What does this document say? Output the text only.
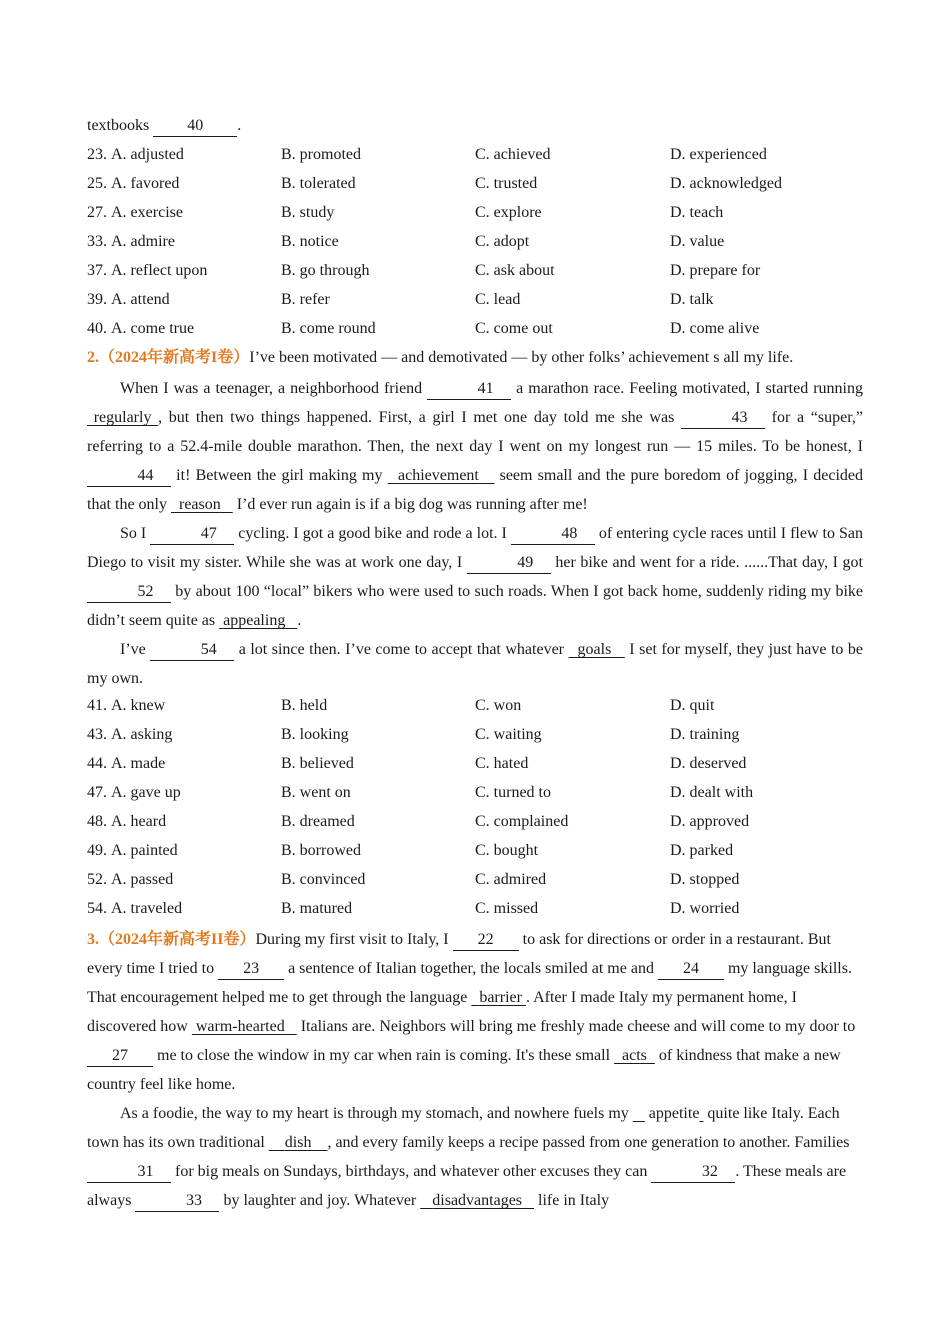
textbooks 40 .
23. A. adjusted	B. promoted	C. achieved	D. experienced
25. A. favored	B. tolerated	C. trusted	D. acknowledged
27. A. exercise	B. study	C. explore	D. teach
33. A. admire	B. notice	C. adopt	D. value
37. A. reflect upon	B. go through	C. ask about	D. prepare for
39. A. attend	B. refer	C. lead	D. talk
40. A. come true	B. come round	C. come out	D. come alive
2.（2024年新高考I卷）I’ve been motivated — and demotivated — by other folks’ achievement s all my life.

When I was a teenager, a neighborhood friend	41 a marathon race. Feeling motivated, I started running  regularly , but then two things happened. First, a girl I met one day told me she was	43 for a “super,” referring to a 52.4-mile double marathon. Then, the next day I went on my longest run — 15 miles. To be honest, I 44 it! Between the girl making my   achievement    seem small and the pure boredom of jogging, I decided that the only   reason    I’d ever run again is if a big dog was running after me!

So I	47 cycling. I got a good bike and rode a lot. I	48 of entering cycle races until I flew to San Diego to visit my sister. While she was at work one day, I	49 her bike and went for a ride. ......That day, I got 52 by about 100 “local” bikers who were used to such roads. When I got back home, suddenly riding my bike didn’t seem quite as  appealing .

I’ve	54 a lot since then. I’ve come to accept that whatever   goals    I set for myself, they just have to be my own.

41. A. knew	B. held	C. won	D. quit
43. A. asking	B. looking	C. waiting	D. training
44. A. made	B. believed	C. hated	D. deserved
47. A. gave up	B. went on	C. turned to	D. dealt with
48. A. heard	B. dreamed	C. complained	D. approved
49. A. painted	B. borrowed	C. bought	D. parked
52. A. passed	B. convinced	C. admired	D. stopped
54. A. traveled	B. matured	C. missed	D. worried

3.（2024年新高考II卷）During my first visit to Italy, I 22 to ask for directions or order in a restaurant. But every time I tried to 23 a sentence of Italian together, the locals smiled at me and 24 my language skills. That encouragement helped me to get through the language   barrier . After I made Italy my permanent home, I discovered how  warm-hearted    Italians are. Neighbors will bring me freshly made cheese and will come to my door to 27 me to close the window in my car when rain is coming. It's these small   acts   of kindness that make a new country feel like home.

As a foodie, the way to my heart is through my stomach, and nowhere fuels my     appetite  quite like Italy. Each town has its own traditional     dish , and every family keeps a recipe passed from one generation to another. Families 31 for big meals on Sundays, birthdays, and whatever other excuses they can	32 . These meals are always	33 by laughter and joy. Whatever    disadvantages    life in Italy
